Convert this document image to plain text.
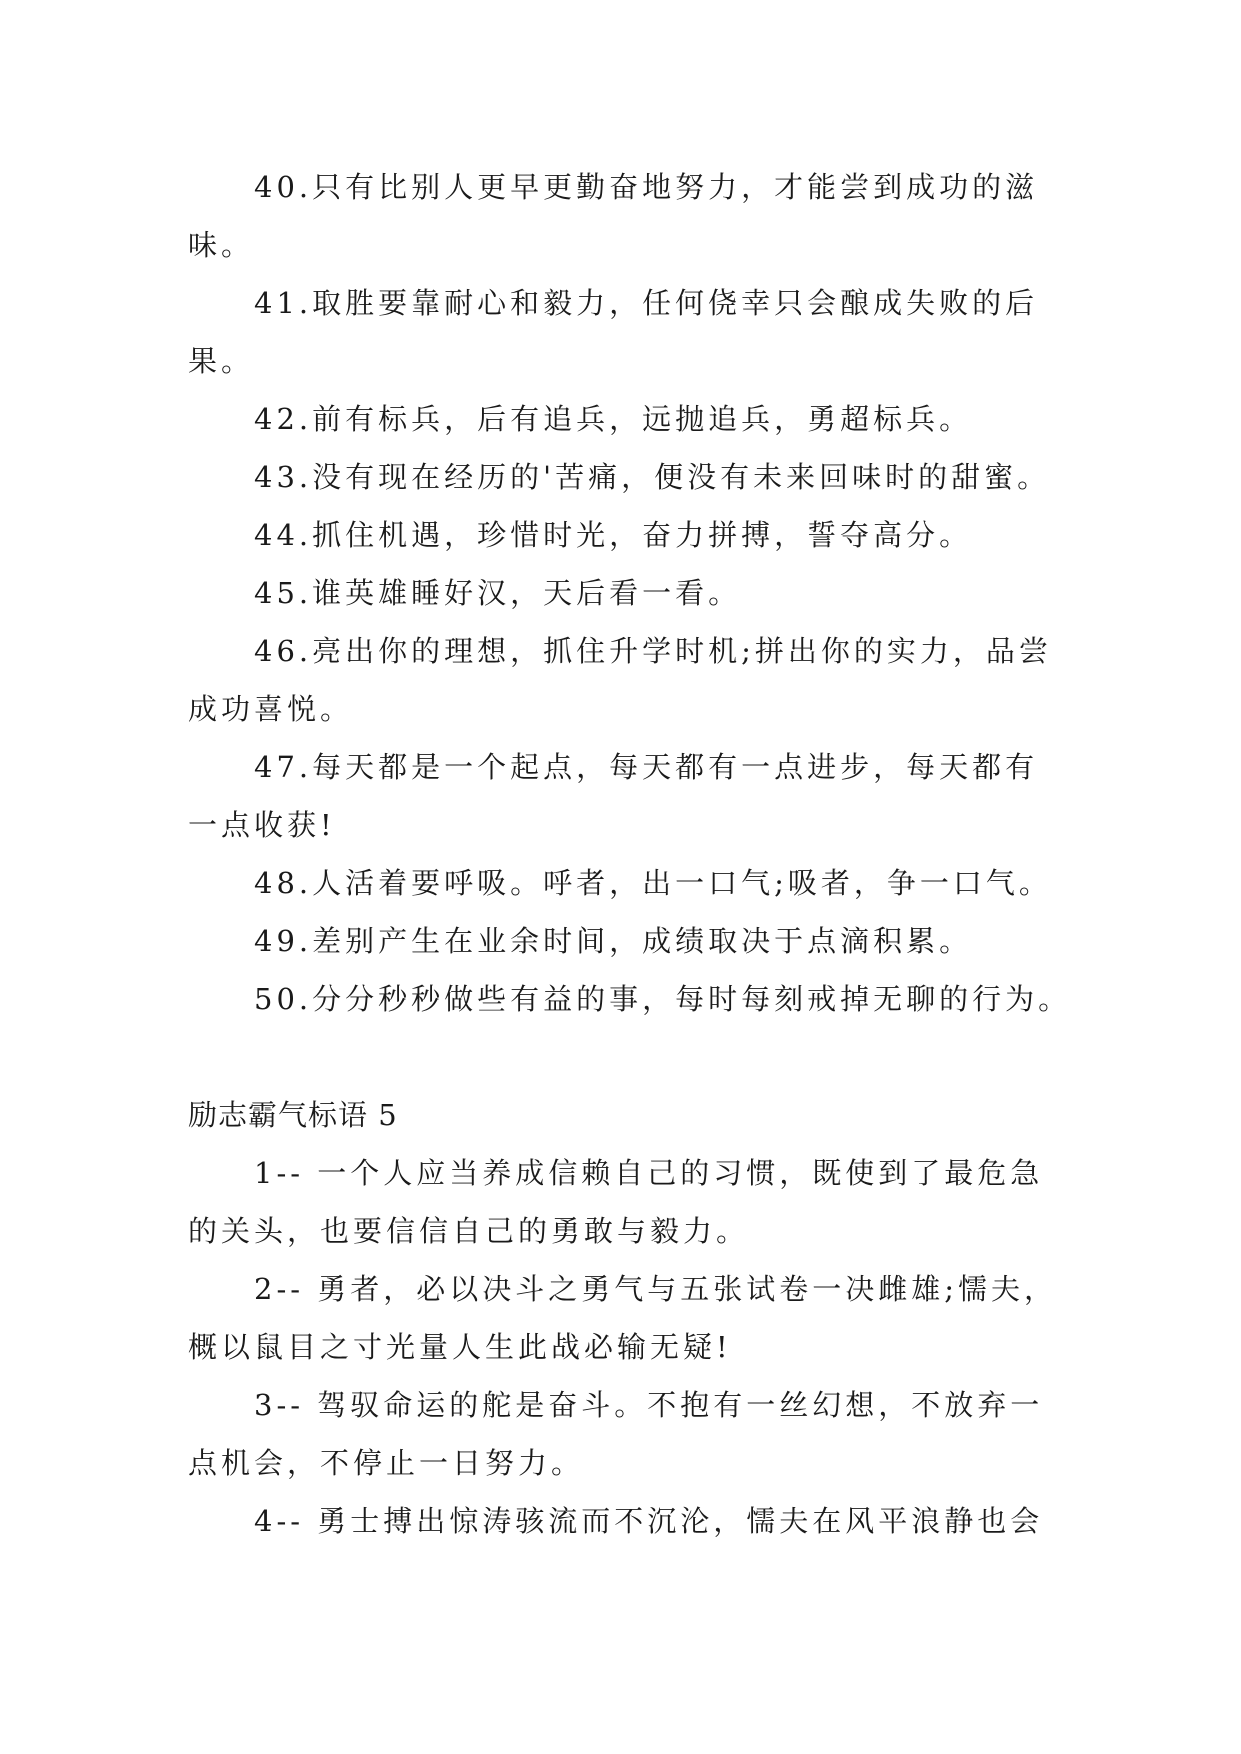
40.只有比别人更早更勤奋地努力，才能尝到成功的滋味。

41.取胜要靠耐心和毅力，任何侥幸只会酿成失败的后果。

42.前有标兵，后有追兵，远抛追兵，勇超标兵。

43.没有现在经历的'苦痛，便没有未来回味时的甜蜜。

44.抓住机遇，珍惜时光，奋力拼搏，誓夺高分。

45.谁英雄睡好汉，天后看一看。

46.亮出你的理想，抓住升学时机;拼出你的实力，品尝成功喜悦。

47.每天都是一个起点，每天都有一点进步，每天都有一点收获!

48.人活着要呼吸。呼者，出一口气;吸者，争一口气。

49.差别产生在业余时间，成绩取决于点滴积累。

50.分分秒秒做些有益的事，每时每刻戒掉无聊的行为。

励志霸气标语 5

1-- 一个人应当养成信赖自己的习惯，既使到了最危急的关头，也要信信自己的勇敢与毅力。

2-- 勇者，必以决斗之勇气与五张试卷一决雌雄;懦夫，概以鼠目之寸光量人生此战必输无疑!

3-- 驾驭命运的舵是奋斗。不抱有一丝幻想，不放弃一点机会，不停止一日努力。

4-- 勇士搏出惊涛骇流而不沉沦，懦夫在风平浪静也会
